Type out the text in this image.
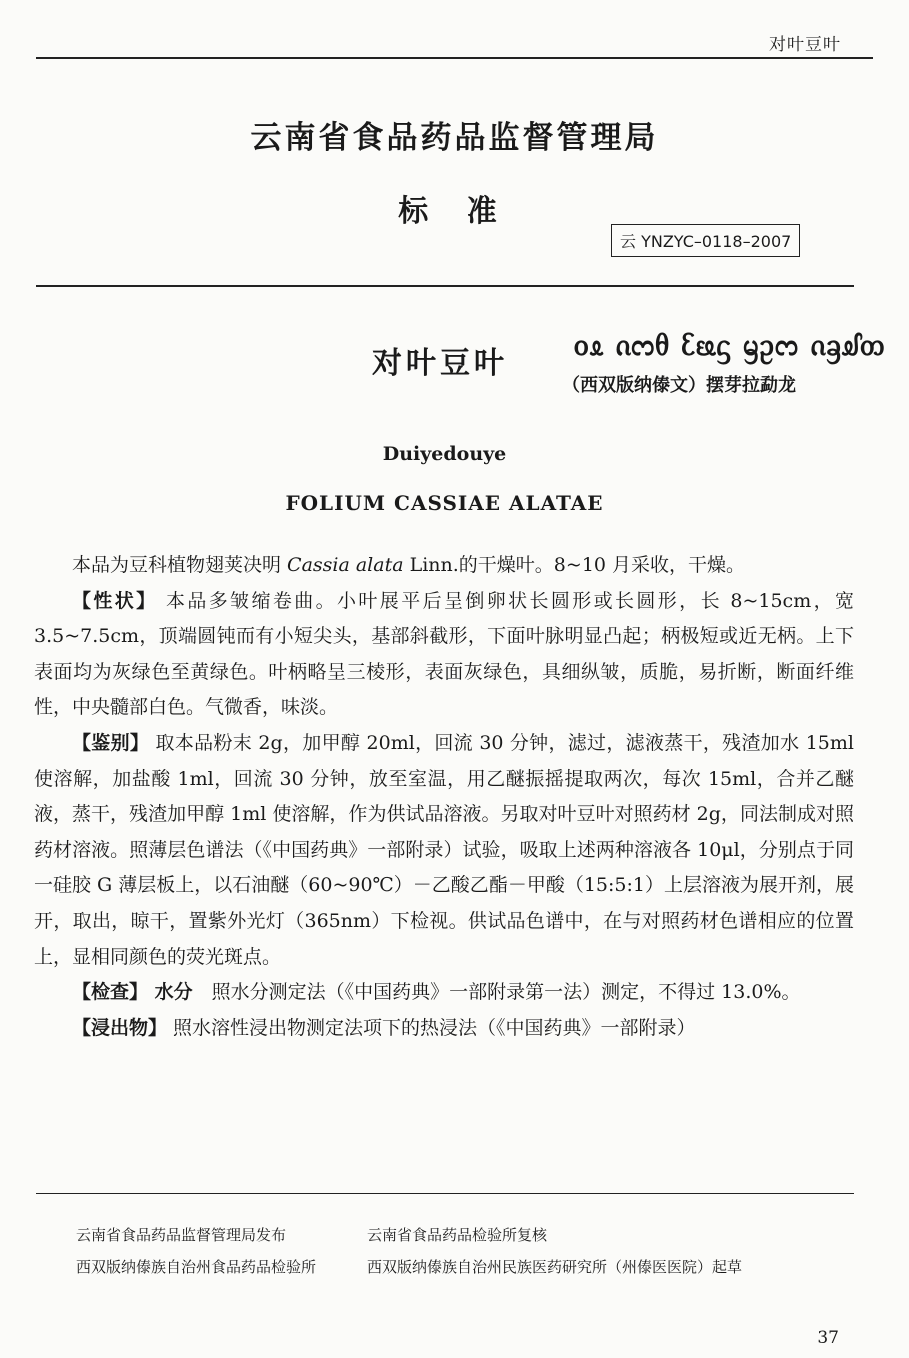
对叶豆叶
云南省食品药品监督管理局
标 准
云 YNZYC–0118–2007
对叶豆叶
ᦞᦸ ᦵᦂᦲ ᦷᦕᦓ ᦙᦳᦂ ᦵᦃᦾᦎ
（西双版纳傣文）摆芽拉勐龙
Duiyedouye
FOLIUM CASSIAE ALATAE

本品为豆科植物翅荚决明 Cassia alata Linn.的干燥叶。8~10 月采收，干燥。

【性状】 本品多皱缩卷曲。小叶展平后呈倒卵状长圆形或长圆形，长 8~15cm，宽 3.5~7.5cm，顶端圆钝而有小短尖头，基部斜截形，下面叶脉明显凸起；柄极短或近无柄。上下表面均为灰绿色至黄绿色。叶柄略呈三棱形，表面灰绿色，具细纵皱，质脆，易折断，断面纤维性，中央髓部白色。气微香，味淡。

【鉴别】 取本品粉末 2g，加甲醇 20ml，回流 30 分钟，滤过，滤液蒸干，残渣加水 15ml 使溶解，加盐酸 1ml，回流 30 分钟，放至室温，用乙醚振摇提取两次，每次 15ml，合并乙醚液，蒸干，残渣加甲醇 1ml 使溶解，作为供试品溶液。另取对叶豆叶对照药材 2g，同法制成对照药材溶液。照薄层色谱法（《中国药典》一部附录）试验，吸取上述两种溶液各 10μl，分别点于同一硅胶 G 薄层板上，以石油醚（60~90℃）－乙酸乙酯－甲酸（15:5:1）上层溶液为展开剂，展开，取出，晾干，置紫外光灯（365nm）下检视。供试品色谱中，在与对照药材色谱相应的位置上，显相同颜色的荧光斑点。

【检查】 水分　照水分测定法（《中国药典》一部附录第一法）测定，不得过 13.0%。

【浸出物】 照水溶性浸出物测定法项下的热浸法（《中国药典》一部附录）

云南省食品药品监督管理局发布	云南省食品药品检验所复核
西双版纳傣族自治州食品药品检验所	西双版纳傣族自治州民族医药研究所（州傣医医院）起草
37
